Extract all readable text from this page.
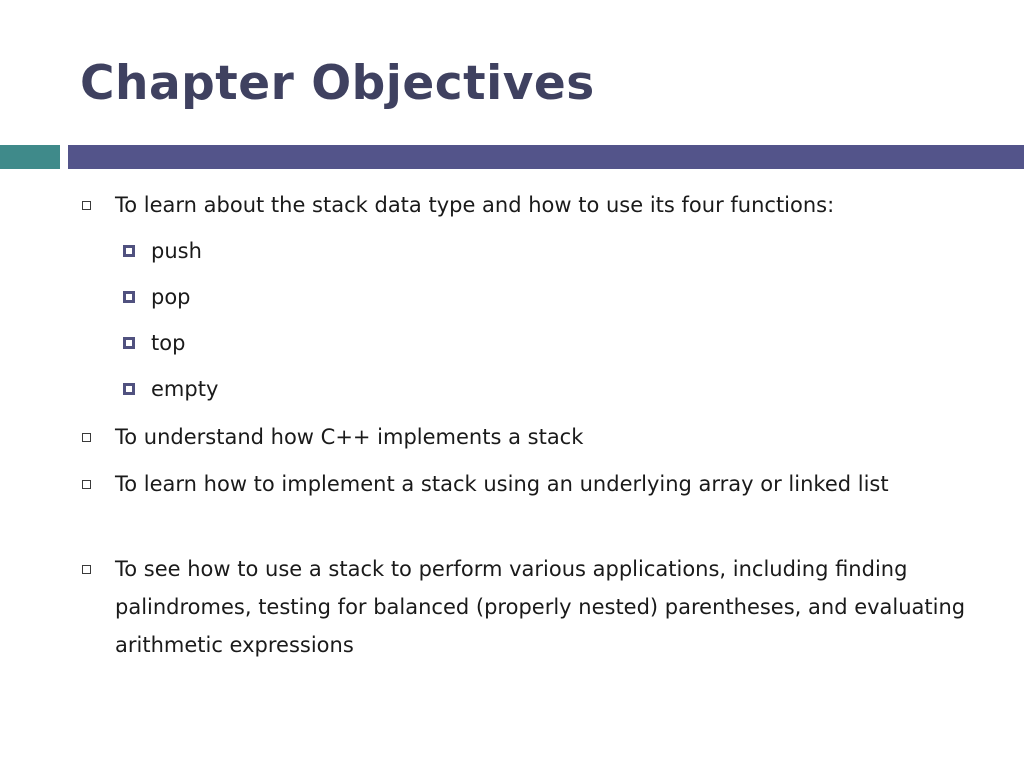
Chapter Objectives

To learn about the stack data type and how to use its four functions:

push

pop

top

empty

To understand how C++ implements a stack

To learn how to implement a stack using an underlying array or linked list

To see how to use a stack to perform various applications, including finding palindromes, testing for balanced (properly nested) parentheses, and evaluating arithmetic expressions
